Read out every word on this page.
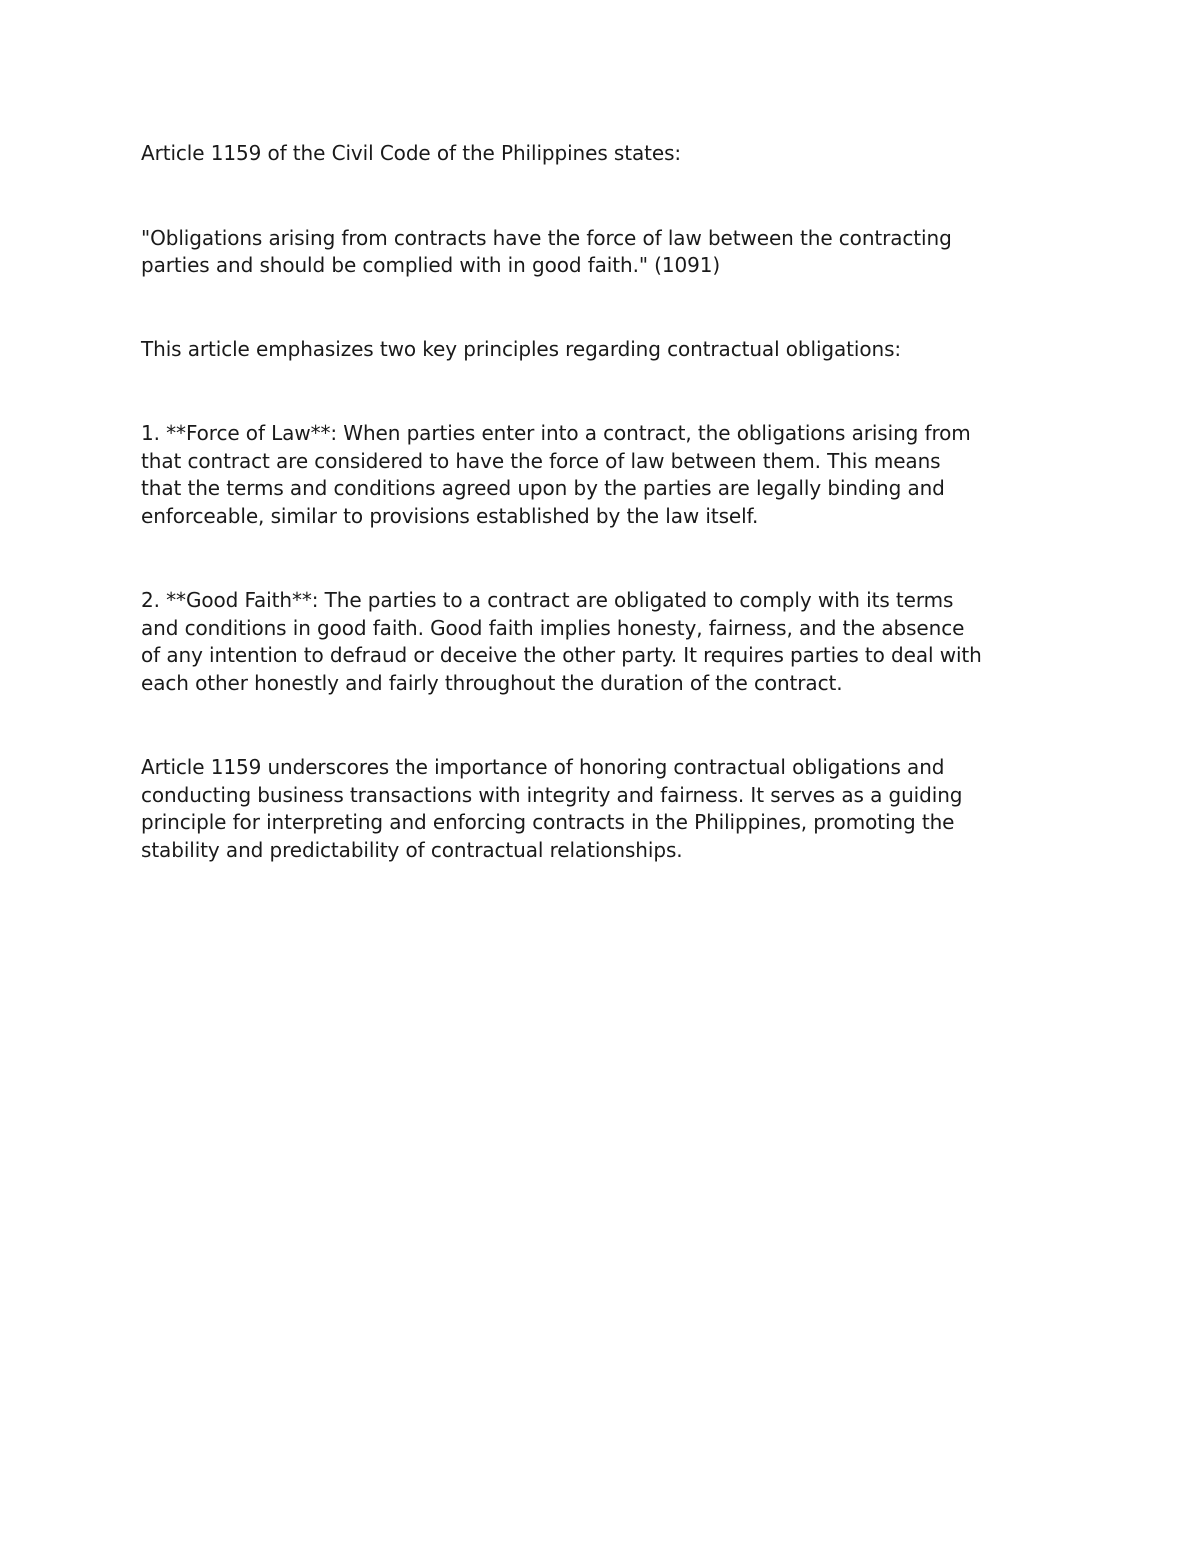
Article 1159 of the Civil Code of the Philippines states:

"Obligations arising from contracts have the force of law between the contracting
parties and should be complied with in good faith." (1091)

This article emphasizes two key principles regarding contractual obligations:

1. **Force of Law**: When parties enter into a contract, the obligations arising from
that contract are considered to have the force of law between them. This means
that the terms and conditions agreed upon by the parties are legally binding and
enforceable, similar to provisions established by the law itself.

2. **Good Faith**: The parties to a contract are obligated to comply with its terms
and conditions in good faith. Good faith implies honesty, fairness, and the absence
of any intention to defraud or deceive the other party. It requires parties to deal with
each other honestly and fairly throughout the duration of the contract.

Article 1159 underscores the importance of honoring contractual obligations and
conducting business transactions with integrity and fairness. It serves as a guiding
principle for interpreting and enforcing contracts in the Philippines, promoting the
stability and predictability of contractual relationships.
